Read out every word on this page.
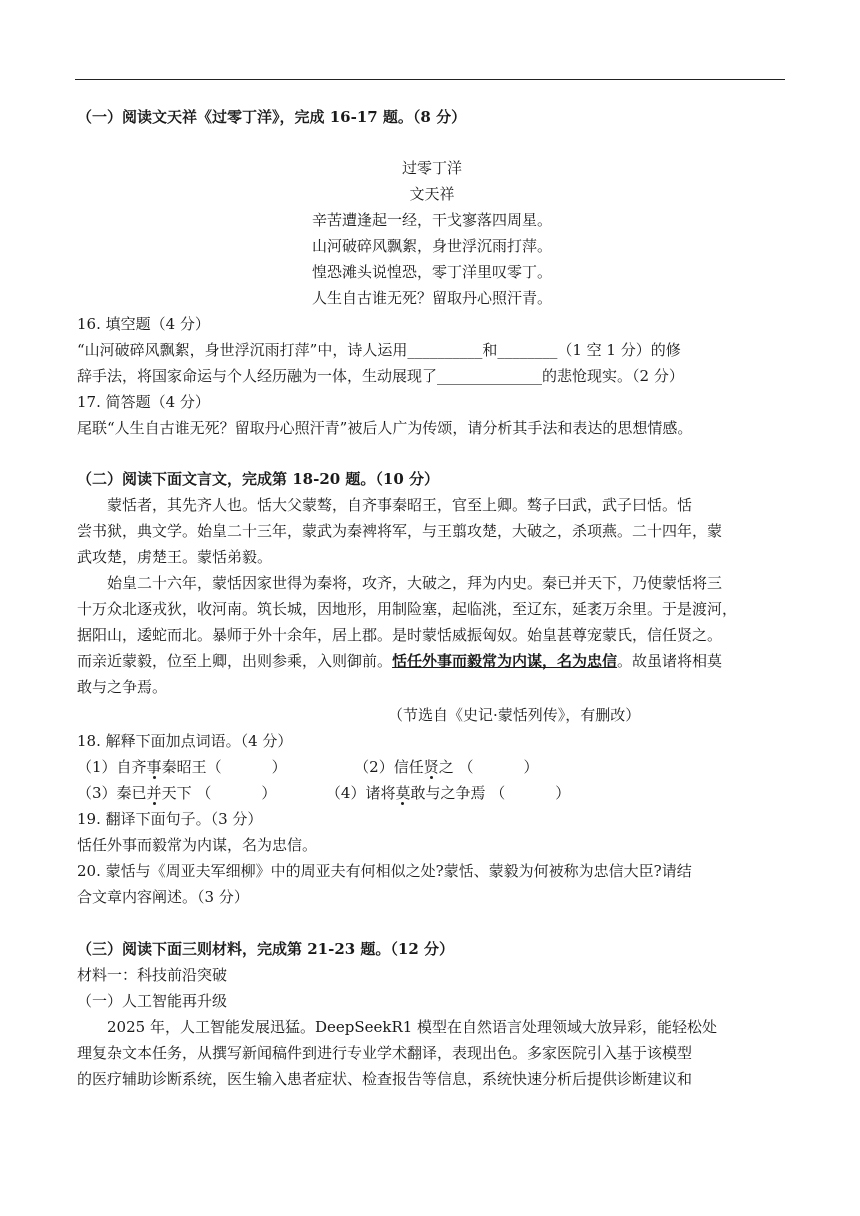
（一）阅读文天祥《过零丁洋》，完成 16-17 题。（8 分）
过零丁洋
文天祥
辛苦遭逢起一经，干戈寥落四周星。
山河破碎风飘絮，身世浮沉雨打萍。
惶恐滩头说惶恐，零丁洋里叹零丁。
人生自古谁无死？留取丹心照汗青。
16. 填空题（4 分）
“山河破碎风飘絮，身世浮沉雨打萍”中，诗人运用__________和________（1 空 1 分）的修
辞手法，将国家命运与个人经历融为一体，生动展现了______________的悲怆现实。（2 分）
17. 简答题（4 分）
尾联“人生自古谁无死？留取丹心照汗青”被后人广为传颂，请分析其手法和表达的思想情感。
（二）阅读下面文言文，完成第 18-20 题。（10 分）
蒙恬者，其先齐人也。恬大父蒙骜，自齐事秦昭王，官至上卿。骜子曰武，武子曰恬。恬
尝书狱，典文学。始皇二十三年，蒙武为秦裨将军，与王翦攻楚，大破之，杀项燕。二十四年，蒙
武攻楚，虏楚王。蒙恬弟毅。
始皇二十六年，蒙恬因家世得为秦将，攻齐，大破之，拜为内史。秦已并天下，乃使蒙恬将三
十万众北逐戎狄，收河南。筑长城，因地形，用制险塞，起临洮，至辽东，延袤万余里。于是渡河，
据阳山，逶蛇而北。暴师于外十余年，居上郡。是时蒙恬威振匈奴。始皇甚尊宠蒙氏，信任贤之。
而亲近蒙毅，位至上卿，出则参乘，入则御前。恬任外事而毅常为内谋，名为忠信。故虽诸将相莫
敢与之争焉。
（节选自《史记·蒙恬列传》，有删改）
18. 解释下面加点词语。（4 分）
（1）自齐事秦昭王（	）	（2）信任贤之 （	）
（3）秦已并天下 （	）	（4）诸将莫敢与之争焉 （	）
19. 翻译下面句子。（3 分）
恬任外事而毅常为内谋，名为忠信。
20. 蒙恬与《周亚夫军细柳》中的周亚夫有何相似之处?蒙恬、蒙毅为何被称为忠信大臣?请结
合文章内容阐述。（3 分）
（三）阅读下面三则材料，完成第 21-23 题。（12 分）
材料一：科技前沿突破
（一）人工智能再升级
2025 年，人工智能发展迅猛。DeepSeekR1 模型在自然语言处理领域大放异彩，能轻松处
理复杂文本任务，从撰写新闻稿件到进行专业学术翻译，表现出色。多家医院引入基于该模型
的医疗辅助诊断系统，医生输入患者症状、检查报告等信息，系统快速分析后提供诊断建议和
